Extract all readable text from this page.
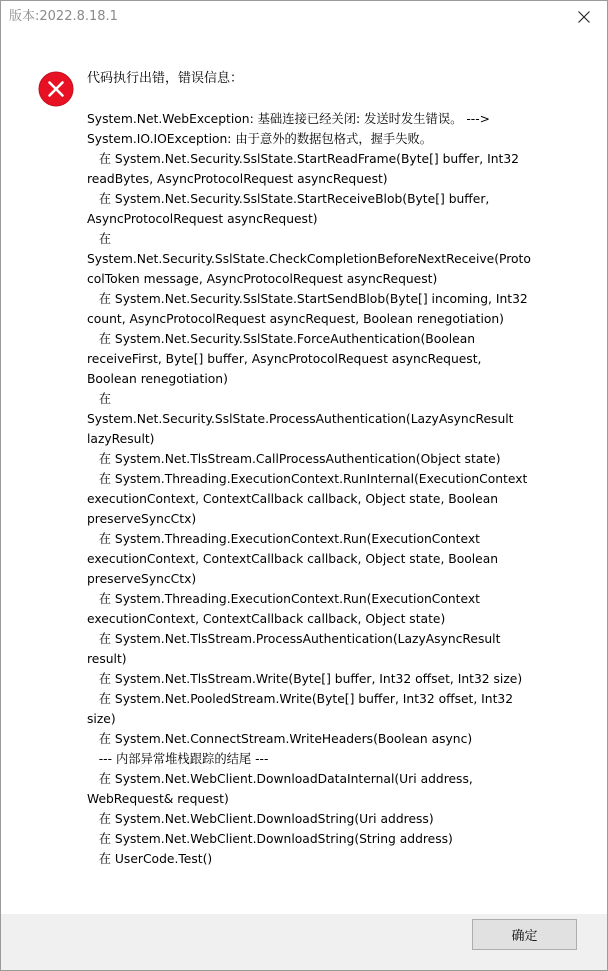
版本:2022.8.18.1
代码执行出错，错误信息：
System.Net.WebException: 基础连接已经关闭: 发送时发生错误。 --->
System.IO.IOException: 由于意外的数据包格式，握手失败。
在 System.Net.Security.SslState.StartReadFrame(Byte[] buffer, Int32
readBytes, AsyncProtocolRequest asyncRequest)
在 System.Net.Security.SslState.StartReceiveBlob(Byte[] buffer,
AsyncProtocolRequest asyncRequest)
在
System.Net.Security.SslState.CheckCompletionBeforeNextReceive(Proto
colToken message, AsyncProtocolRequest asyncRequest)
在 System.Net.Security.SslState.StartSendBlob(Byte[] incoming, Int32
count, AsyncProtocolRequest asyncRequest, Boolean renegotiation)
在 System.Net.Security.SslState.ForceAuthentication(Boolean
receiveFirst, Byte[] buffer, AsyncProtocolRequest asyncRequest,
Boolean renegotiation)
在
System.Net.Security.SslState.ProcessAuthentication(LazyAsyncResult
lazyResult)
在 System.Net.TlsStream.CallProcessAuthentication(Object state)
在 System.Threading.ExecutionContext.RunInternal(ExecutionContext
executionContext, ContextCallback callback, Object state, Boolean
preserveSyncCtx)
在 System.Threading.ExecutionContext.Run(ExecutionContext
executionContext, ContextCallback callback, Object state, Boolean
preserveSyncCtx)
在 System.Threading.ExecutionContext.Run(ExecutionContext
executionContext, ContextCallback callback, Object state)
在 System.Net.TlsStream.ProcessAuthentication(LazyAsyncResult
result)
在 System.Net.TlsStream.Write(Byte[] buffer, Int32 offset, Int32 size)
在 System.Net.PooledStream.Write(Byte[] buffer, Int32 offset, Int32
size)
在 System.Net.ConnectStream.WriteHeaders(Boolean async)
--- 内部异常堆栈跟踪的结尾 ---
在 System.Net.WebClient.DownloadDataInternal(Uri address,
WebRequest& request)
在 System.Net.WebClient.DownloadString(Uri address)
在 System.Net.WebClient.DownloadString(String address)
在 UserCode.Test()
确定
